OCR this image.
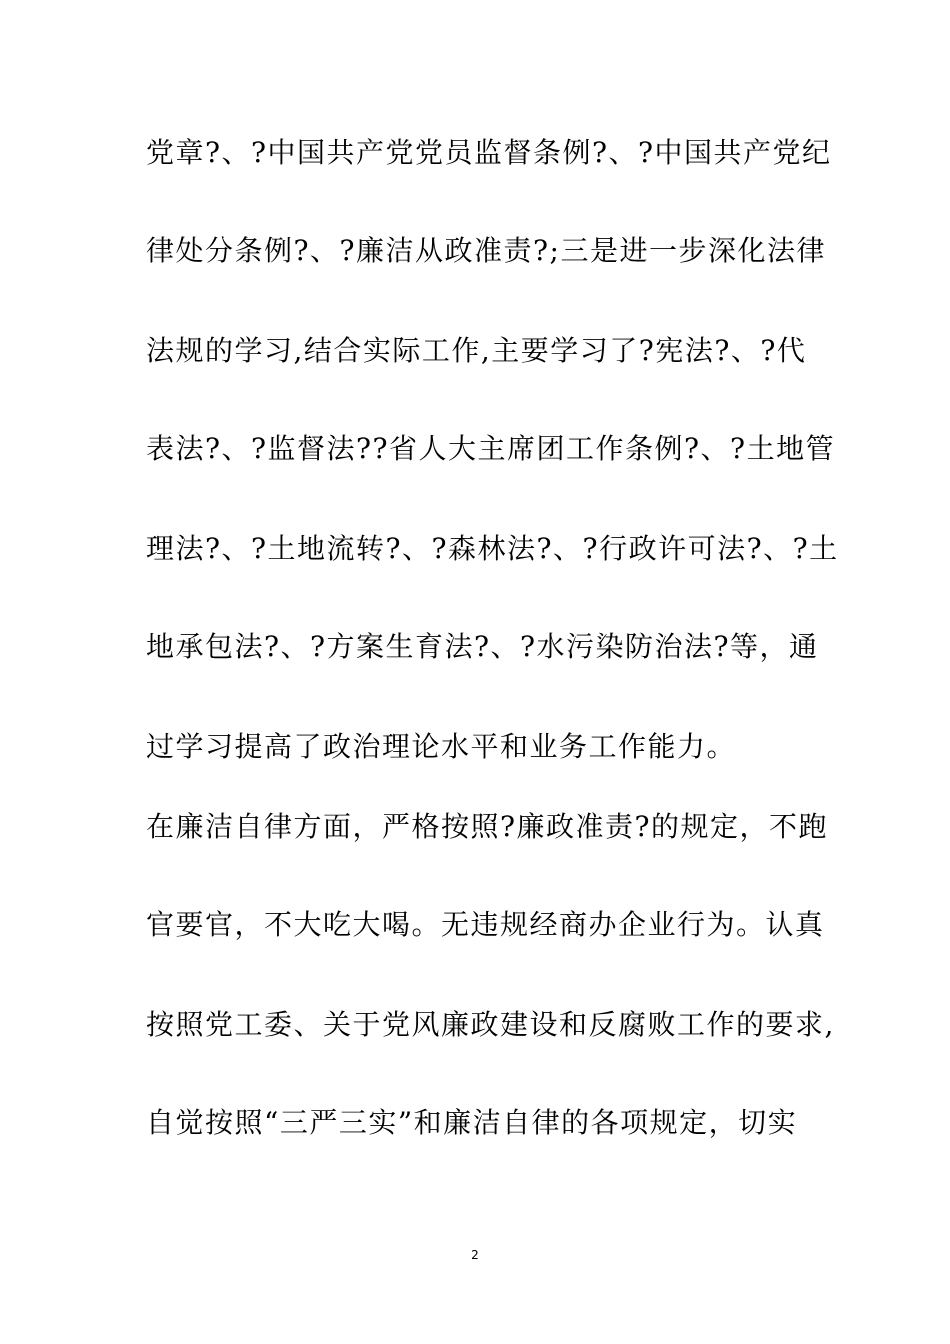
党章?、?中国共产党党员监督条例?、?中国共产党纪
律处分条例?、?廉洁从政准责?;三是进一步深化法律
法规的学习,结合实际工作,主要学习了?宪法?、?代
表法?、?监督法??省人大主席团工作条例?、?土地管
理法?、?土地流转?、?森林法?、?行政许可法?、?土
地承包法?、?方案生育法?、?水污染防治法?等，通
过学习提高了政治理论水平和业务工作能力。
在廉洁自律方面，严格按照?廉政准责?的规定，不跑
官要官，不大吃大喝。无违规经商办企业行为。认真
按照党工委、关于党风廉政建设和反腐败工作的要求,
自觉按照“三严三实”和廉洁自律的各项规定，切实
2
